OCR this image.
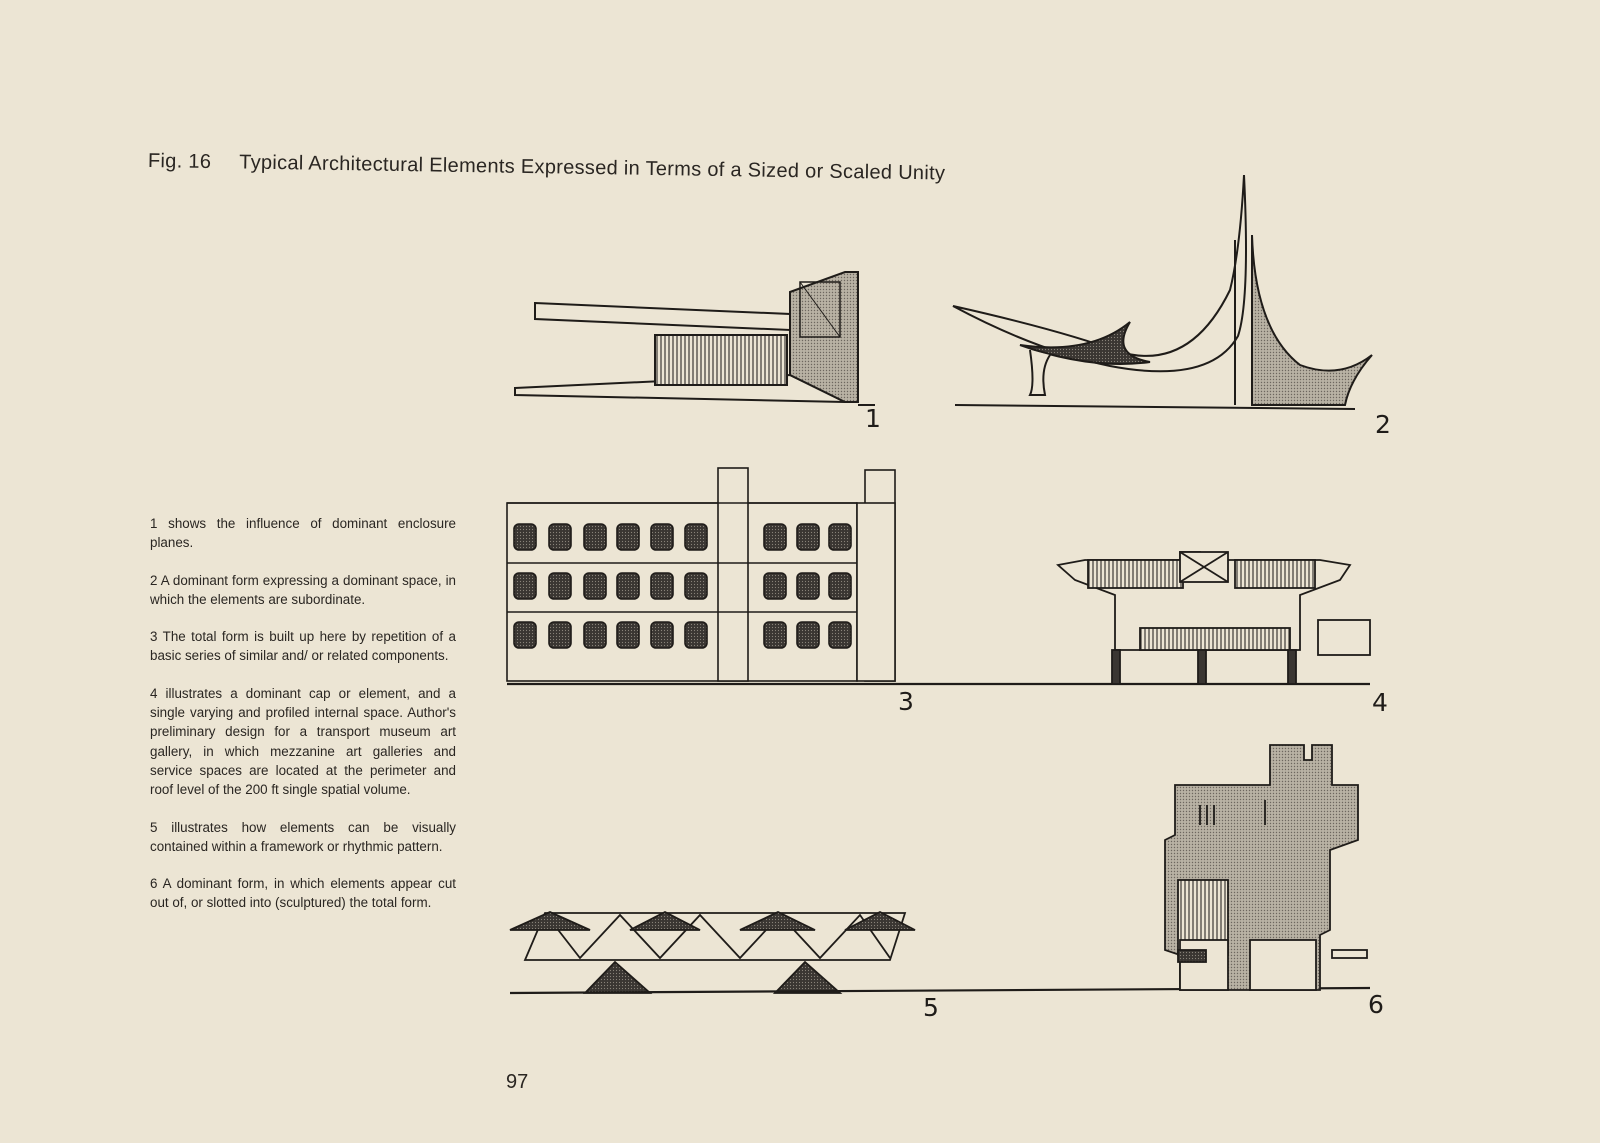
Fig. 16 Typical Architectural Elements Expressed in Terms of a Sized or Scaled Unity

1 shows the influence of dominant enclosure planes.

2 A dominant form expressing a dominant space, in which the elements are subordinate.

3 The total form is built up here by repetition of a basic series of similar and/ or related components.

4 illustrates a dominant cap or element, and a single varying and profiled internal space. Author's preliminary design for a transport museum art gallery, in which mezzanine art galleries and service spaces are located at the perimeter and roof level of the 200 ft single spatial volume.

5 illustrates how elements can be visually contained within a framework or rhythmic pattern.

6 A dominant form, in which elements appear cut out of, or slotted into (sculptured) the total form.

1	2
3	4
5	6
97
